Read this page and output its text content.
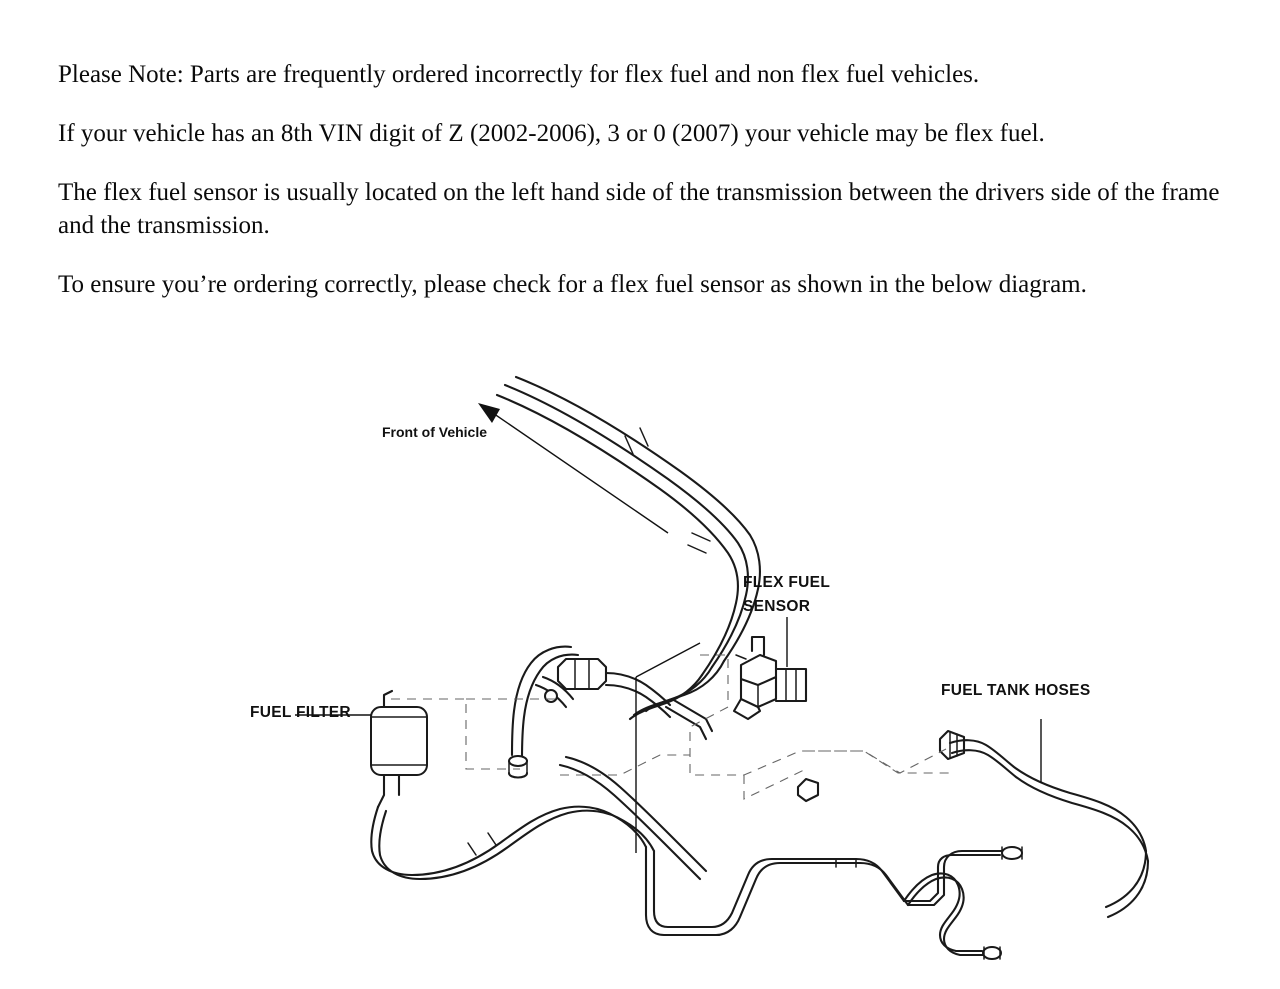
Please Note: Parts are frequently ordered incorrectly for flex fuel and non flex fuel vehicles.

If your vehicle has an 8th VIN digit of Z (2002-2006), 3 or 0 (2007) your vehicle may be flex fuel.

The flex fuel sensor is usually located on the left hand side of the transmission between the drivers side of the frame and the transmission.

To ensure you’re ordering correctly, please check for a flex fuel sensor as shown in the below diagram.

Front of Vehicle
FLEX FUEL
SENSOR
FUEL FILTER
FUEL TANK HOSES
